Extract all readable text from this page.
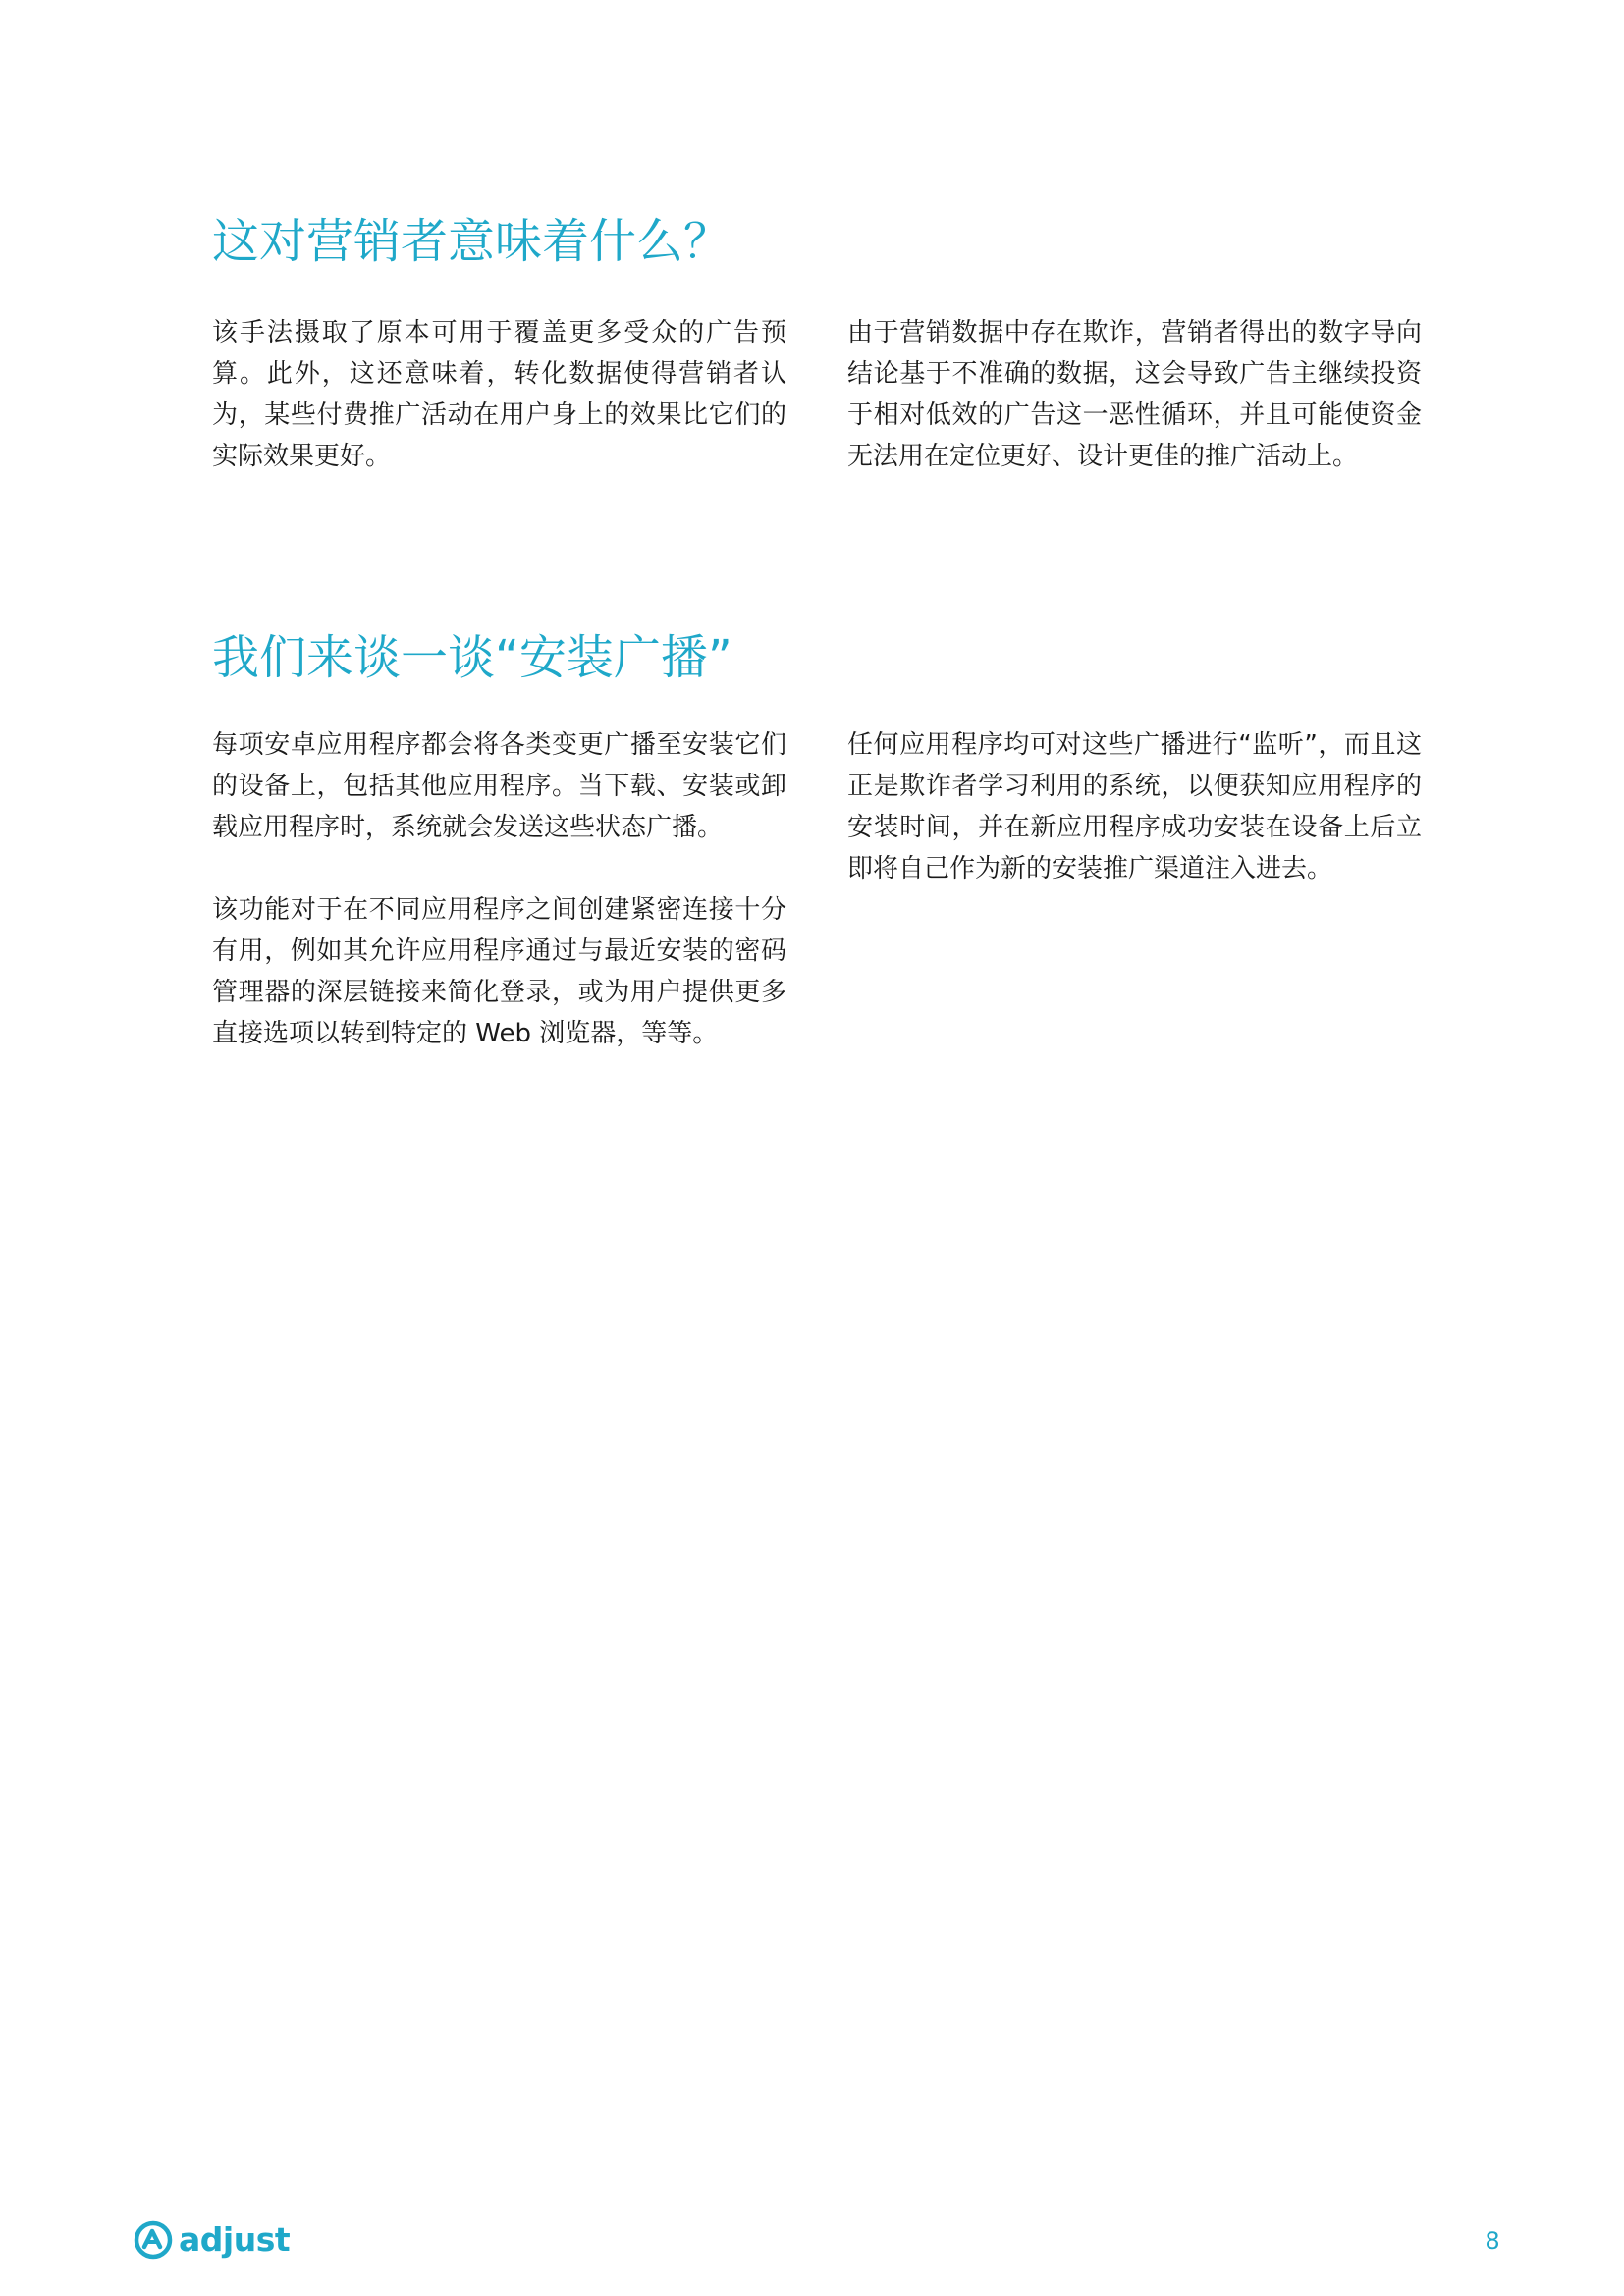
这对营销者意味着什么？

该手法摄取了原本可用于覆盖更多受众的广告预算。此外，这还意味着，转化数据使得营销者认为，某些付费推广活动在用户身上的效果比它们的实际效果更好。

由于营销数据中存在欺诈，营销者得出的数字导向结论基于不准确的数据，这会导致广告主继续投资于相对低效的广告这一恶性循环，并且可能使资金无法用在定位更好、设计更佳的推广活动上。

我们来谈一谈“安装广播”

每项安卓应用程序都会将各类变更广播至安装它们的设备上，包括其他应用程序。当下载、安装或卸载应用程序时，系统就会发送这些状态广播。

该功能对于在不同应用程序之间创建紧密连接十分有用，例如其允许应用程序通过与最近安装的密码管理器的深层链接来简化登录，或为用户提供更多直接选项以转到特定的 Web 浏览器，等等。

任何应用程序均可对这些广播进行“监听”，而且这正是欺诈者学习利用的系统，以便获知应用程序的安装时间，并在新应用程序成功安装在设备上后立即将自己作为新的安装推广渠道注入进去。

adjust	8
